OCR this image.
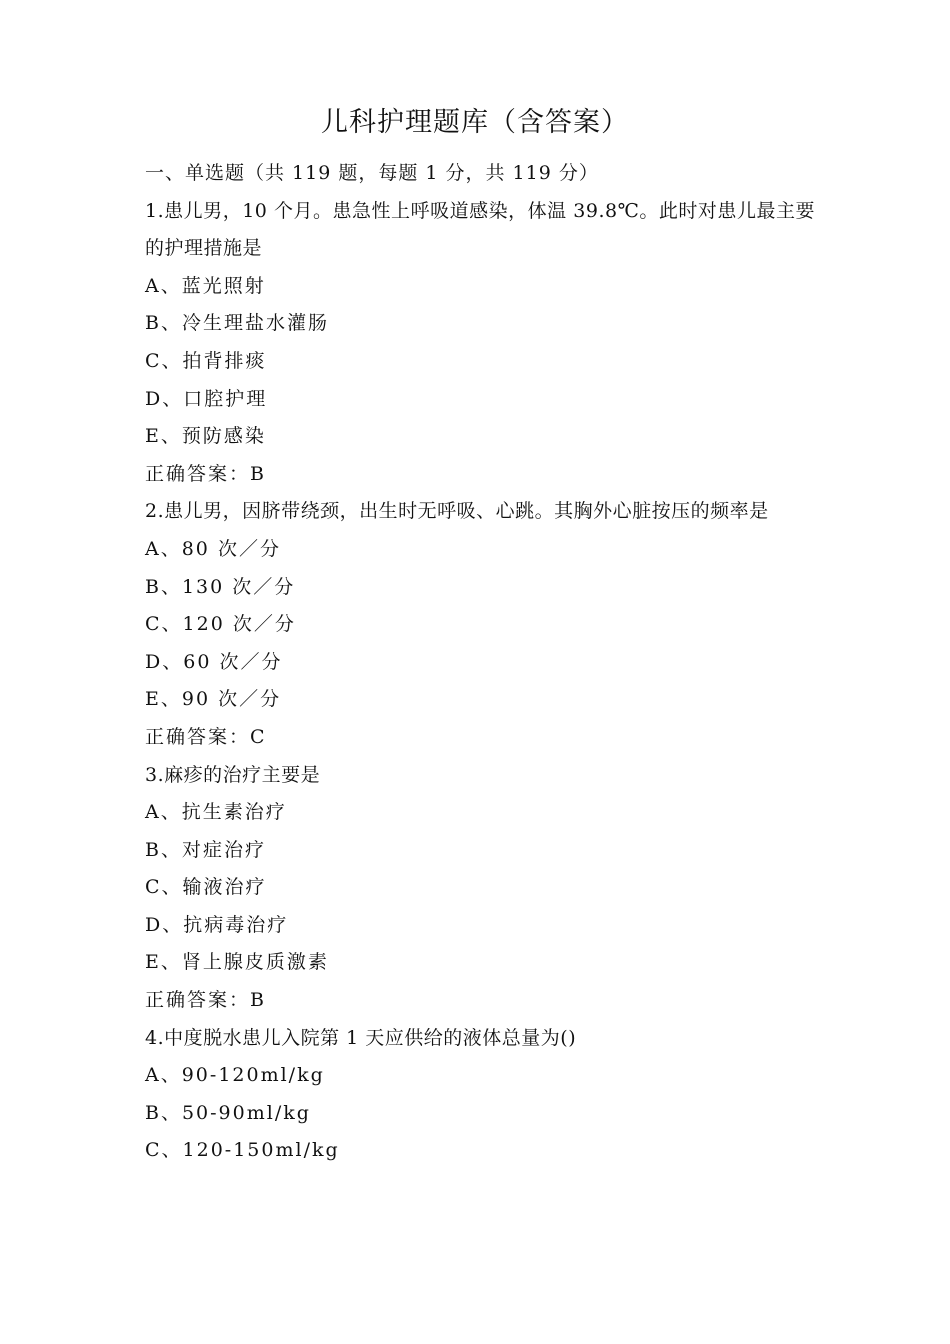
儿科护理题库（含答案）
一、单选题（共 119 题，每题 1 分，共 119 分）
1.患儿男，10 个月。患急性上呼吸道感染，体温 39.8℃。此时对患儿最主要的护理措施是
A、蓝光照射
B、冷生理盐水灌肠
C、拍背排痰
D、口腔护理
E、预防感染
正确答案：B
2.患儿男，因脐带绕颈，出生时无呼吸、心跳。其胸外心脏按压的频率是
A、80 次／分
B、130 次／分
C、120 次／分
D、60 次／分
E、90 次／分
正确答案：C
3.麻疹的治疗主要是
A、抗生素治疗
B、对症治疗
C、输液治疗
D、抗病毒治疗
E、肾上腺皮质激素
正确答案：B
4.中度脱水患儿入院第 1 天应供给的液体总量为()
A、90-120ml/kg
B、50-90ml/kg
C、120-150ml/kg
